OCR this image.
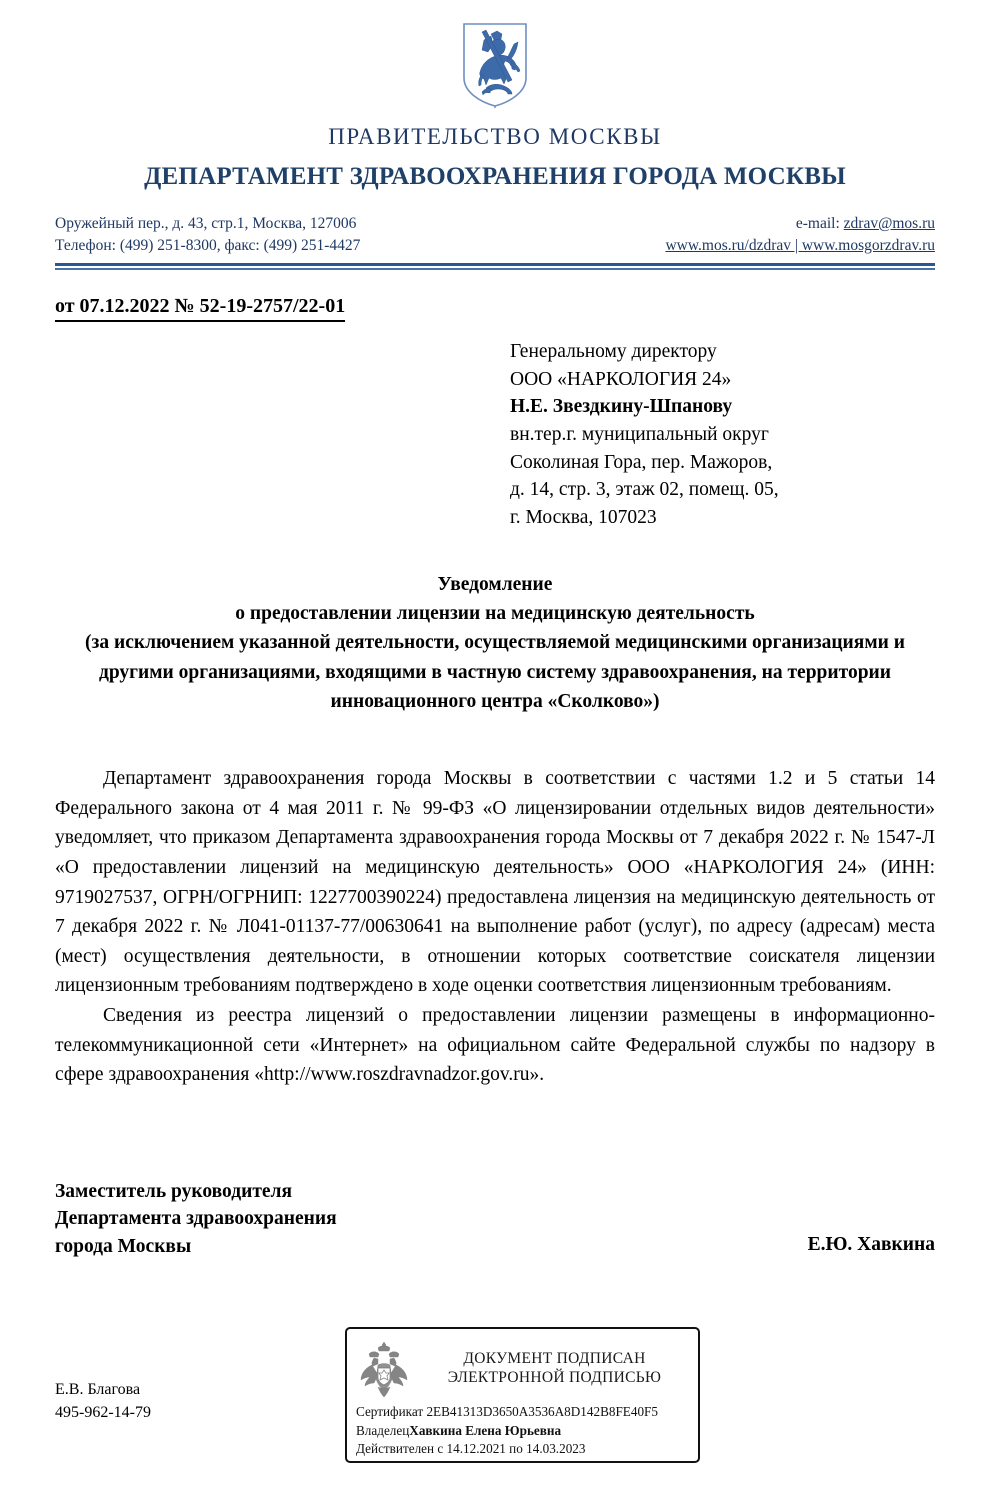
ПРАВИТЕЛЬСТВО МОСКВЫ
ДЕПАРТАМЕНТ ЗДРАВООХРАНЕНИЯ ГОРОДА МОСКВЫ
Оружейный пер., д. 43, стр.1, Москва, 127006
Телефон: (499) 251-8300, факс: (499) 251-4427
e-mail: zdrav@mos.ru
www.mos.ru/dzdrav | www.mosgorzdrav.ru
от 07.12.2022 № 52-19-2757/22-01
Генеральному директору
ООО «НАРКОЛОГИЯ 24»
Н.Е. Звездкину-Шпанову
вн.тер.г. муниципальный округ
Соколиная Гора, пер. Мажоров,
д. 14, стр. 3, этаж 02, помещ. 05,
г. Москва, 107023
Уведомление
о предоставлении лицензии на медицинскую деятельность
(за исключением указанной деятельности, осуществляемой медицинскими организациями и другими организациями, входящими в частную систему здравоохранения, на территории инновационного центра «Сколково»)

Департамент здравоохранения города Москвы в соответствии с частями 1.2 и 5 статьи 14 Федерального закона от 4 мая 2011 г. № 99-ФЗ «О лицензировании отдельных видов деятельности» уведомляет, что приказом Департамента здравоохранения города Москвы от 7 декабря 2022 г. № 1547-Л «О предоставлении лицензий на медицинскую деятельность» ООО «НАРКОЛОГИЯ 24» (ИНН: 9719027537, ОГРН/ОГРНИП: 1227700390224) предоставлена лицензия на медицинскую деятельность от 7 декабря 2022 г. № Л041-01137-77/00630641 на выполнение работ (услуг), по адресу (адресам) места (мест) осуществления деятельности, в отношении которых соответствие соискателя лицензии лицензионным требованиям подтверждено в ходе оценки соответствия лицензионным требованиям.

Сведения из реестра лицензий о предоставлении лицензии размещены в информационно-телекоммуникационной сети «Интернет» на официальном сайте Федеральной службы по надзору в сфере здравоохранения «http://www.roszdravnadzor.gov.ru».

Заместитель руководителя
Департамента здравоохранения
города Москвы	Е.Ю. Хавкина
Е.В. Благова
495-962-14-79
ДОКУМЕНТ ПОДПИСАН
ЭЛЕКТРОННОЙ ПОДПИСЬЮ
Сертификат 2EB41313D3650A3536A8D142B8FE40F5
ВладелецХавкина Елена Юрьевна
Действителен с 14.12.2021 по 14.03.2023
